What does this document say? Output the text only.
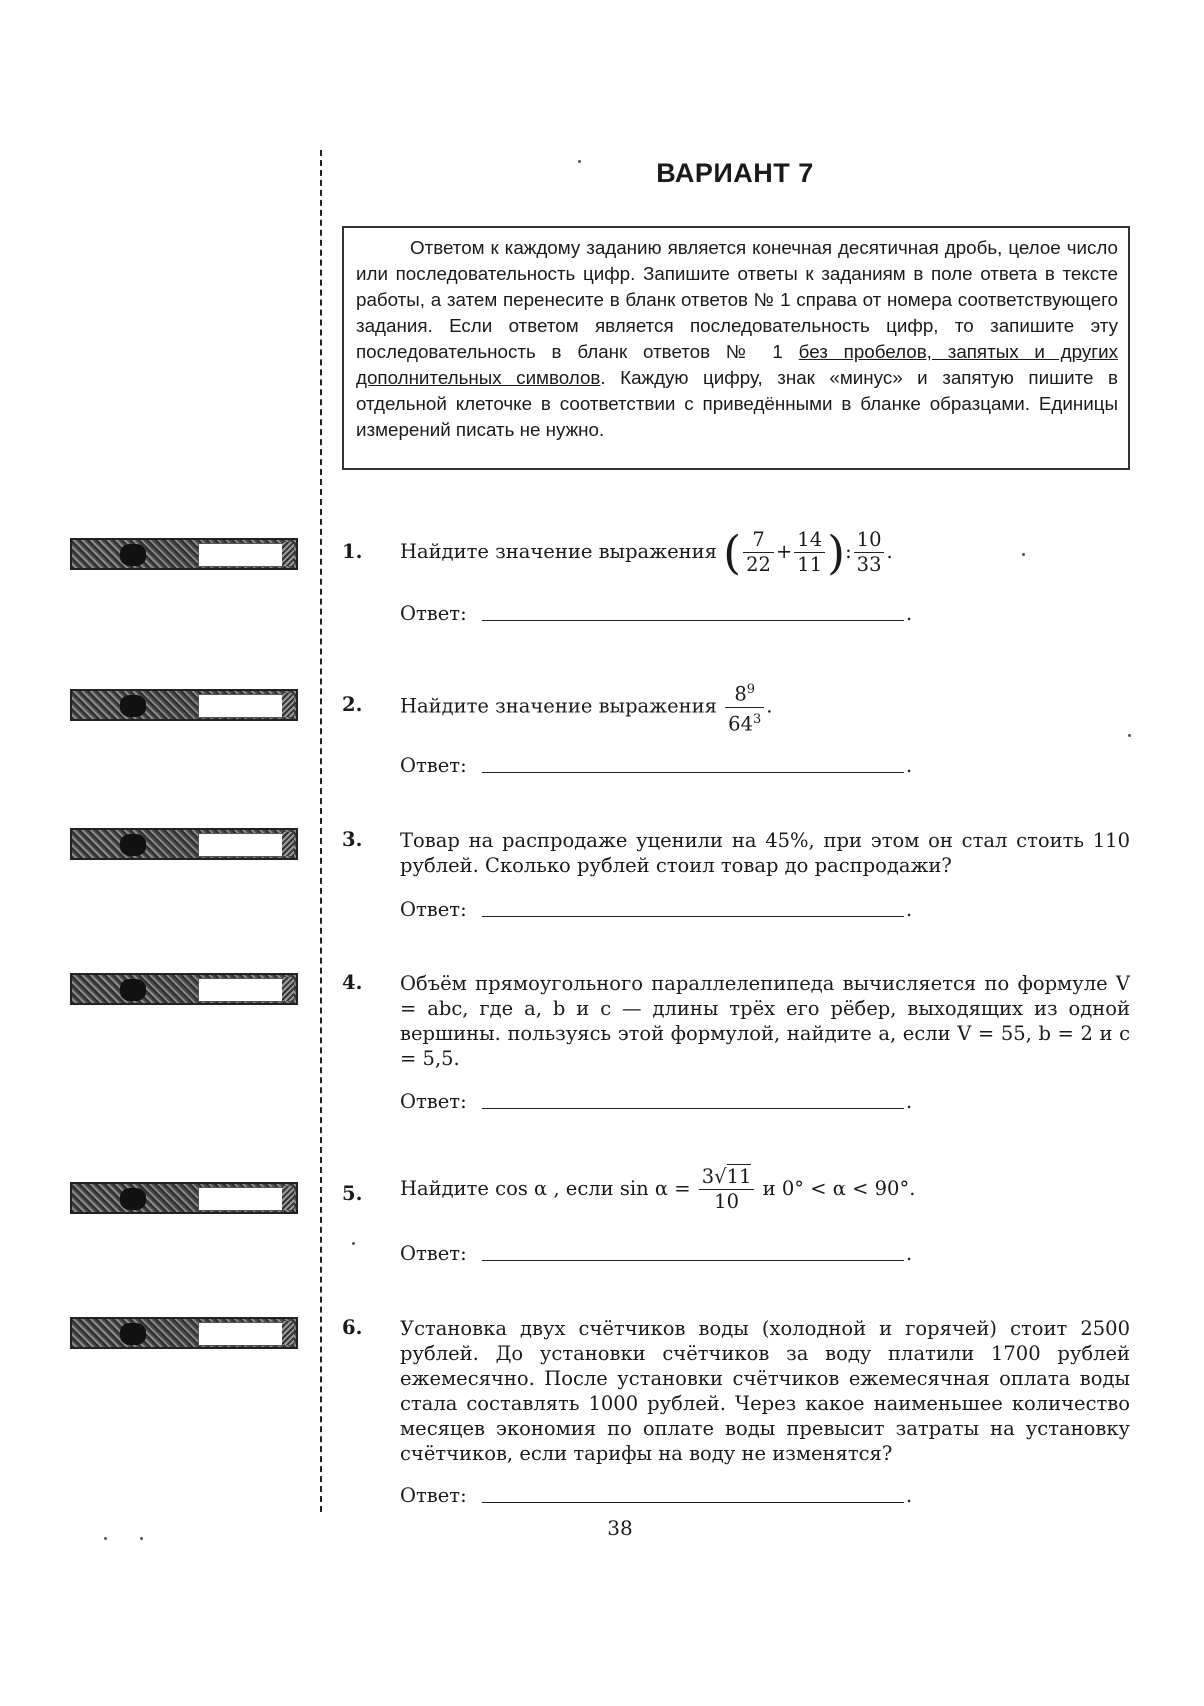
ВАРИАНТ 7

Ответом к каждому заданию является конечная десятичная дробь, целое число или последовательность цифр. Запишите ответы к заданиям в поле ответа в тексте работы, а затем перенесите в бланк ответов № 1 справа от номера соответствующего задания. Если ответом является последовательность цифр, то запишите эту последовательность в бланк ответов № 1 без пробелов, запятых и других дополнительных символов. Каждую цифру, знак «минус» и запятую пишите в отдельной клеточке в соответствии с приведёнными в бланке образцами. Единицы измерений писать не нужно.

1. Найдите значение выражения ( $\frac{7}{22} + \frac{14}{11}$ ): $\frac{10}{33}$ .
Ответ:	.
2. Найдите значение выражения $\frac{8^9}{64^3}$ .
Ответ:	.
3. Товар на распродаже уценили на 45%, при этом он стал стоить 110 рублей. Сколько рублей стоил товар до распродажи?
Ответ:	.
4. Объём прямоугольного параллелепипеда вычисляется по формуле V = abc, где a, b и c — длины трёх его рёбер, выходящих из одной вершины. пользуясь этой формулой, найдите a, если V = 55, b = 2 и c = 5,5.
Ответ:	.
5. Найдите cos α , если $\sin \alpha = \frac{3√11}{10}$ и 0° < α < 90°.
Ответ:	.
6. Установка двух счётчиков воды (холодной и горячей) стоит 2500 рублей. До установки счётчиков за воду платили 1700 рублей ежемесячно. После установки счётчиков ежемесячная оплата воды стала составлять 1000 рублей. Через какое наименьшее количество месяцев экономия по оплате воды превысит затраты на установку счётчиков, если тарифы на воду не изменятся?
Ответ:	.
38
